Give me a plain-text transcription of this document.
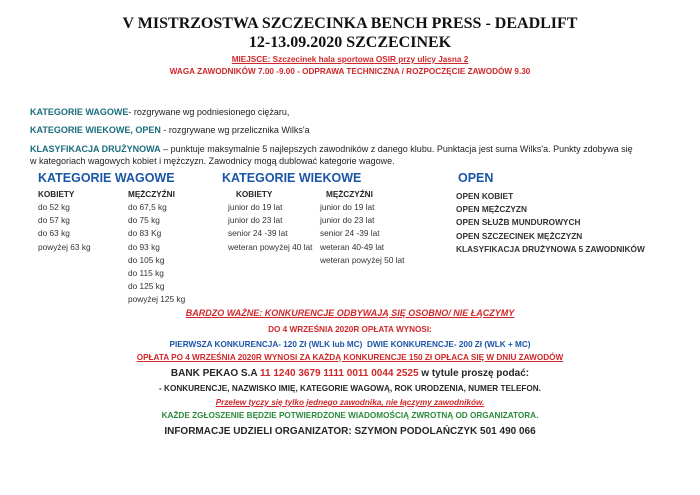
V MISTRZOSTWA SZCZECINKA BENCH PRESS - DEADLIFT
12-13.09.2020 SZCZECINEK
MIEJSCE: Szczecinek hala sportowa OSIR przy ulicy Jasna 2
WAGA ZAWODNIKÓW 7.00 -9.00 - ODPRAWA TECHNICZNA / ROZPOCZĘCIE ZAWODÓW 9.30
KATEGORIE WAGOWE- rozgrywane wg podniesionego ciężaru,
KATEGORIE WIEKOWE, OPEN - rozgrywane wg przelicznika Wilks'a
KLASYFIKACJA DRUŻYNOWA – punktuje maksymalnie 5 najlepszych zawodników z danego klubu. Punktacja jest suma Wilks'a. Punkty zdobywa się
w kategoriach wagowych kobiet i mężczyzn. Zawodnicy mogą dublować kategorie wagowe.
KATEGORIE WAGOWE
KOBIETY	MĘŻCZYŹNI
do 52 kg
do 57 kg
do 63 kg
powyżej 63 kg
do 67,5 kg
do 75 kg
do 83 Kg
do 93 kg
do 105 kg
do 115 kg
do 125 kg
powyżej 125 kg
KATEGORIE WIEKOWE
KOBIETY	MĘŻCZYŹNI
junior do 19 lat
junior do 23 lat
senior 24 -39 lat
weteran powyżej 40 lat
junior do 19 lat
junior do 23 lat
senior 24 -39 lat
weteran 40-49 lat
weteran powyżej 50 lat
OPEN
OPEN KOBIET
OPEN MĘŻCZYZN
OPEN SŁUŻB MUNDUROWYCH
OPEN SZCZECINEK MĘŻCZYZN
KLASYFIKACJA DRUŻYNOWA 5 ZAWODNIKÓW
BARDZO WAŻNE: KONKURENCJE ODBYWAJĄ SIĘ OSOBNO/ NIE ŁĄCZYMY
DO 4 WRZEŚNIA 2020R OPŁATA WYNOSI:
PIERWSZA KONKURENCJA- 120 Zł (WLK lub MC) DWIE KONKURENCJE- 200 Zł (WLK + MC)
OPŁATA PO 4 WRZEŚNIA 2020R WYNOSI ZA KAŻDĄ KONKURENCJE 150 Zł OPŁACA SIĘ W DNIU ZAWODÓW
BANK PEKAO S.A 11 1240 3679 1111 0011 0044 2525 w tytule proszę podać:
- KONKURENCJE, NAZWISKO IMIĘ, KATEGORIE WAGOWĄ, ROK URODZENIA, NUMER TELEFON.
Przelew tyczy się tylko jednego zawodnika, nie łączymy zawodników.
KAŻDE ZGŁOSZENIE BĘDZIE POTWIERDZONE WIADOMOŚCIĄ ZWROTNĄ OD ORGANIZATORA.
INFORMACJE UDZIELI ORGANIZATOR: SZYMON PODOLAŃCZYK 501 490 066
